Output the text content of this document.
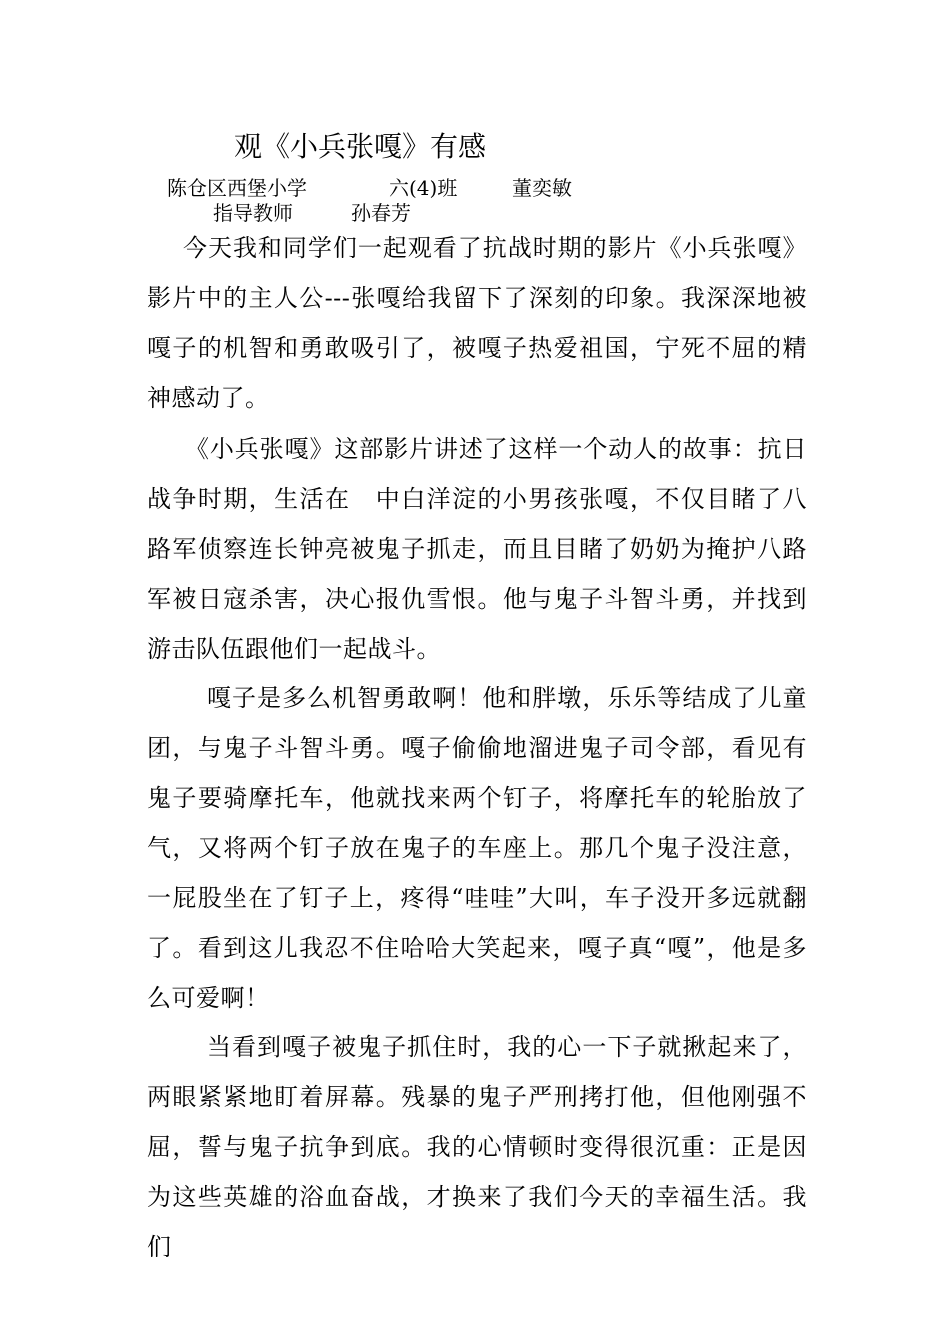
观《小兵张嘎》有感
陈仓区西堡小学	六(4)班	董奕敏
指导教师	孙春芳

今天我和同学们一起观看了抗战时期的影片《小兵张嘎》影片中的主人公---张嘎给我留下了深刻的印象。我深深地被嘎子的机智和勇敢吸引了，被嘎子热爱祖国，宁死不屈的精神感动了。

《小兵张嘎》这部影片讲述了这样一个动人的故事：抗日战争时期，生活在　中白洋淀的小男孩张嘎，不仅目睹了八路军侦察连长钟亮被鬼子抓走，而且目睹了奶奶为掩护八路军被日寇杀害，决心报仇雪恨。他与鬼子斗智斗勇，并找到游击队伍跟他们一起战斗。

嘎子是多么机智勇敢啊！他和胖墩，乐乐等结成了儿童团，与鬼子斗智斗勇。嘎子偷偷地溜进鬼子司令部，看见有鬼子要骑摩托车，他就找来两个钉子，将摩托车的轮胎放了气，又将两个钉子放在鬼子的车座上。那几个鬼子没注意，一屁股坐在了钉子上，疼得“哇哇”大叫，车子没开多远就翻了。看到这儿我忍不住哈哈大笑起来，嘎子真“嘎”，他是多么可爱啊！

当看到嘎子被鬼子抓住时，我的心一下子就揪起来了，两眼紧紧地盯着屏幕。残暴的鬼子严刑拷打他，但他刚强不屈，誓与鬼子抗争到底。我的心情顿时变得很沉重：正是因为这些英雄的浴血奋战，才换来了我们今天的幸福生活。我们
